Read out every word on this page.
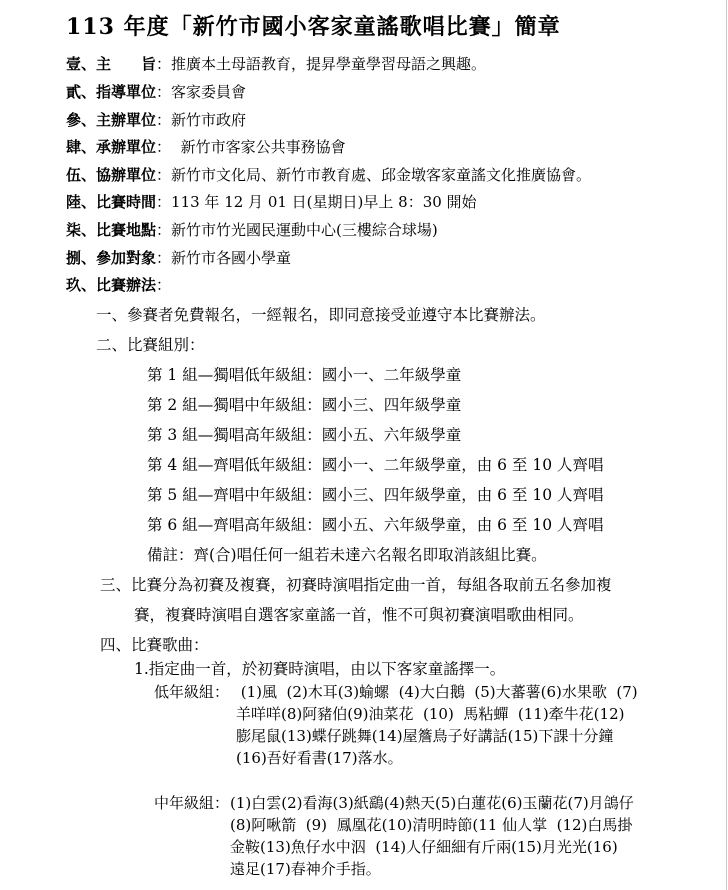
113 年度「新竹市國小客家童謠歌唱比賽」簡章
壹、主　　旨：推廣本土母語教育，提昇學童學習母語之興趣。
貳、指導單位：客家委員會
參、主辦單位：新竹市政府
肆、承辦單位：  新竹市客家公共事務協會
伍、協辦單位：新竹市文化局、新竹市教育處、邱金墩客家童謠文化推廣協會。
陸、比賽時間：113 年 12 月 01 日(星期日)早上 8：30 開始
柒、比賽地點：新竹市竹光國民運動中心(三樓綜合球場)
捌、參加對象：新竹市各國小學童
玖、比賽辦法：
一、參賽者免費報名，一經報名，即同意接受並遵守本比賽辦法。
二、比賽組別：
第 1 組—獨唱低年級組：國小一、二年級學童
第 2 組—獨唱中年級組：國小三、四年級學童
第 3 組—獨唱高年級組：國小五、六年級學童
第 4 組—齊唱低年級組：國小一、二年級學童，由 6 至 10 人齊唱
第 5 組—齊唱中年級組：國小三、四年級學童，由 6 至 10 人齊唱
第 6 組—齊唱高年級組：國小五、六年級學童，由 6 至 10 人齊唱
備註：齊(合)唱任何一組若未達六名報名即取消該組比賽。
三、比賽分為初賽及複賽，初賽時演唱指定曲一首，每組各取前五名參加複
賽，複賽時演唱自選客家童謠一首，惟不可與初賽演唱歌曲相同。
四、比賽歌曲：
1.指定曲一首，於初賽時演唱，由以下客家童謠擇一。
低年級組： (1)風  (2)木耳(3)蝓螺  (4)大白鵝  (5)大蕃薯(6)水果歌  (7)
羊咩咩(8)阿豬伯(9)油菜花  (10)  馬粘蟬  (11)牽牛花(12)
膨尾鼠(13)蝶仔跳舞(14)屋簷鳥子好講話(15)下課十分鐘
(16)吾好看書(17)落水。
中年級組： (1)白雲(2)看海(3)紙鷂(4)熱天(5)白蓮花(6)玉蘭花(7)月鴿仔
(8)阿啾箭  (9)  鳳凰花(10)清明時節(11 仙人掌  (12)白馬掛
金鞍(13)魚仔水中泅  (14)人仔細細有斤兩(15)月光光(16)
遠足(17)春神介手指。
